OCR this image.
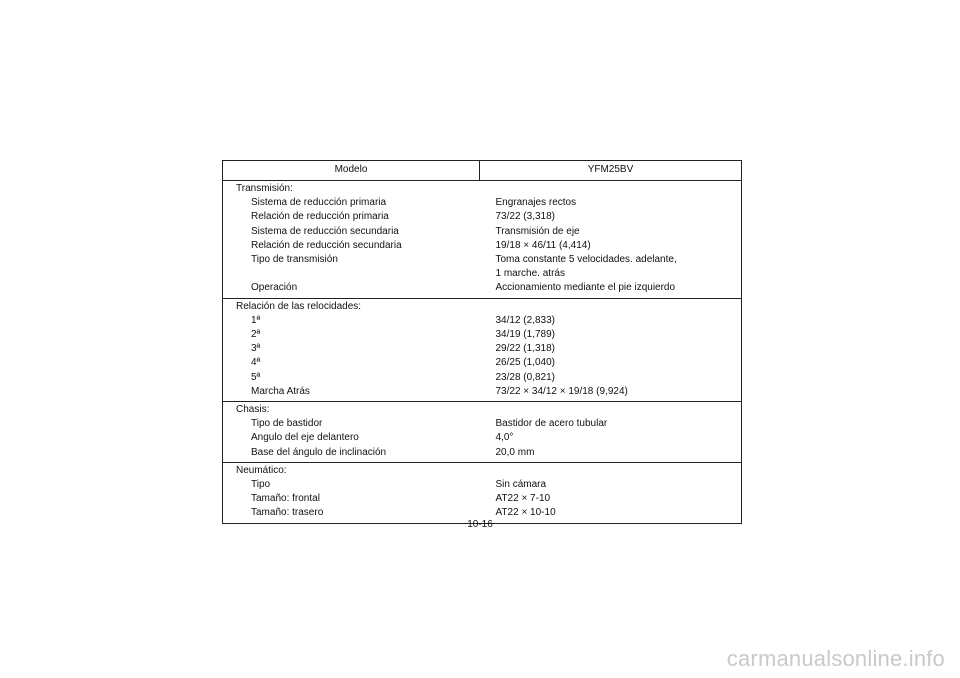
Modelo	YFM25BV
Transmisión:	
Sistema de reducción primaria	Engranajes rectos
Relación de reducción primaria	73/22 (3,318)
Sistema de reducción secundaria	Transmisión de eje
Relación de reducción secundaria	19/18 × 46/11 (4,414)
Tipo de transmisión	Toma constante 5 velocidades. adelante,
1 marche. atrás

Operación	Accionamiento mediante el pie izquierdo
Relación de las relocidades:	
1ª	34/12 (2,833)
2ª	34/19 (1,789)
3ª	29/22 (1,318)
4ª	26/25 (1,040)
5ª	23/28 (0,821)
Marcha Atrás	73/22 × 34/12 × 19/18 (9,924)
Chasis:	
Tipo de bastidor	Bastidor de acero tubular
Angulo del eje delantero	4,0°
Base del ángulo de inclinación	20,0 mm
Neumático:	
Tipo	Sin cámara
Tamaño: frontal	AT22 × 7-10
Tamaño: trasero	AT22 × 10-10
10-16
carmanualsonline.info
